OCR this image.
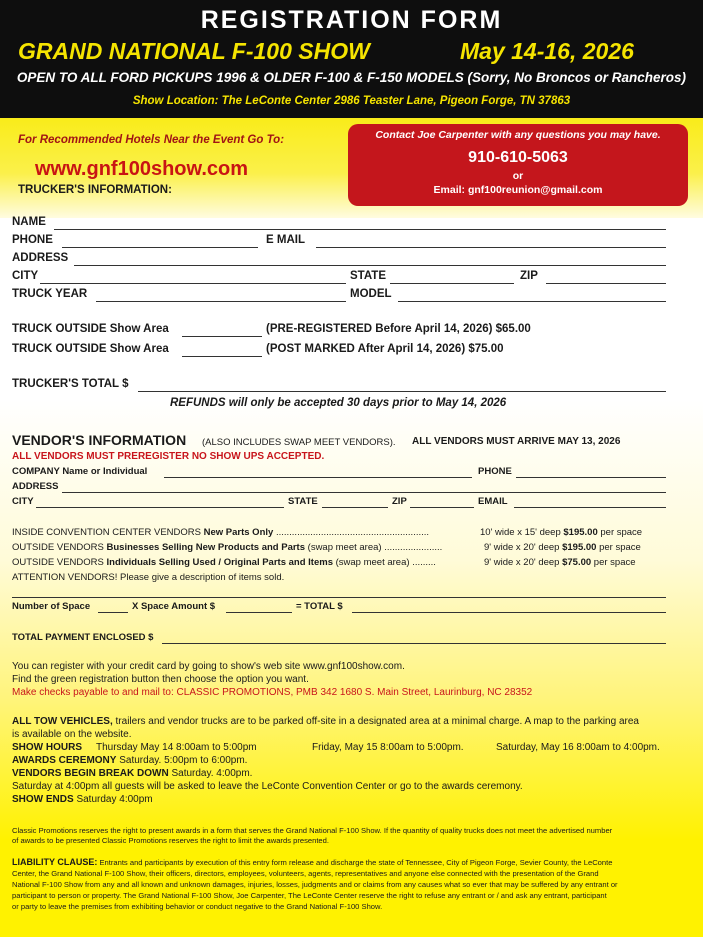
REGISTRATION FORM
GRAND NATIONAL F-100 SHOW	May 14-16, 2026
OPEN TO ALL FORD PICKUPS 1996 & OLDER F-100 & F-150 MODELS (Sorry, No Broncos or Rancheros)
Show Location: The LeConte Center 2986 Teaster Lane, Pigeon Forge, TN 37863
For Recommended Hotels Near the Event Go To:
www.gnf100show.com
TRUCKER'S INFORMATION:
Contact Joe Carpenter with any questions you may have.
910-610-5063
or
Email: gnf100reunion@gmail.com
NAME
PHONE	E MAIL
ADDRESS
CITY	STATE	ZIP
TRUCK YEAR	MODEL
TRUCK OUTSIDE Show Area	(PRE-REGISTERED Before April 14, 2026) $65.00
TRUCK OUTSIDE Show Area	(POST MARKED After April 14, 2026) $75.00
TRUCKER'S TOTAL $
REFUNDS will only be accepted 30 days prior to May 14, 2026
VENDOR'S INFORMATION (ALSO INCLUDES SWAP MEET VENDORS). ALL VENDORS MUST ARRIVE MAY 13, 2026
ALL VENDORS MUST PREREGISTER NO SHOW UPS ACCEPTED.
COMPANY Name or Individual	PHONE
ADDRESS
CITY	STATE	ZIP	EMAIL
INSIDE CONVENTION CENTER VENDORS New Parts Only ..........................................................	10' wide x 15' deep $195.00 per space
OUTSIDE VENDORS Businesses Selling New Products and Parts (swap meet area) ......................	9' wide x 20' deep $195.00 per space
OUTSIDE VENDORS Individuals Selling Used / Original Parts and Items (swap meet area) .........	9' wide x 20' deep $75.00 per space
ATTENTION VENDORS! Please give a description of items sold.
Number of Space	X Space Amount $	= TOTAL $
TOTAL PAYMENT ENCLOSED $
You can register with your credit card by going to show's web site www.gnf100show.com.
Find the green registration button then choose the option you want.
Make checks payable to and mail to: CLASSIC PROMOTIONS, PMB 342 1680 S. Main Street, Laurinburg, NC 28352
ALL TOW VEHICLES, trailers and vendor trucks are to be parked off-site in a designated area at a minimal charge. A map to the parking area
is available on the website.
SHOW HOURS Thursday May 14 8:00am to 5:00pm	Friday, May 15 8:00am to 5:00pm.	Saturday, May 16 8:00am to 4:00pm.
AWARDS CEREMONY Saturday. 5:00pm to 6:00pm.
VENDORS BEGIN BREAK DOWN Saturday. 4:00pm.
Saturday at 4:00pm all guests will be asked to leave the LeConte Convention Center or go to the awards ceremony.
SHOW ENDS Saturday 4:00pm
Classic Promotions reserves the right to present awards in a form that serves the Grand National F-100 Show. If the quantity of quality trucks does not meet the advertised number
of awards to be presented Classic Promotions reserves the right to limit the awards presented.
LIABILITY CLAUSE: Entrants and participants by execution of this entry form release and discharge the state of Tennessee, City of Pigeon Forge, Sevier County, the LeConte
Center, the Grand National F-100 Show, their officers, directors, employees, volunteers, agents, representatives and anyone else connected with the presentation of the Grand
National F-100 Show from any and all known and unknown damages, injuries, losses, judgments and or claims from any causes what so ever that may be suffered by any entrant or
participant to person or property. The Grand National F-100 Show, Joe Carpenter, The LeConte Center reserve the right to refuse any entrant or / and ask any entrant, participant
or party to leave the premises from exhibiting behavior or conduct negative to the Grand National F-100 Show.
